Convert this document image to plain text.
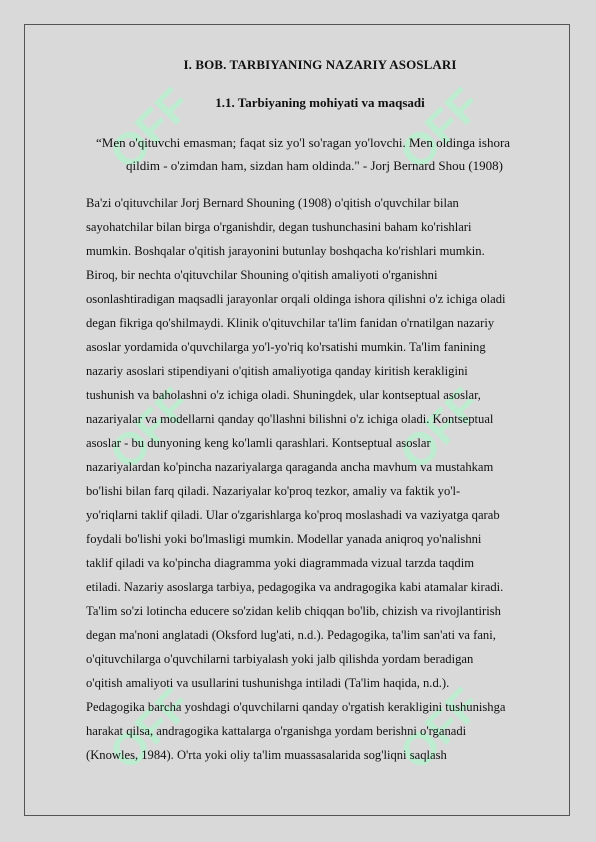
OFF	OFF
OFF	OFF
OFF	OFF
I. BOB. TARBIYANING NAZARIY ASOSLARI
1.1. Tarbiyaning mohiyati va maqsadi
“Men o'qituvchi emasman; faqat siz yo'l so'ragan yo'lovchi. Men oldinga ishora
qildim - o'zimdan ham, sizdan ham oldinda." - Jorj Bernard Shou (1908)
Ba'zi o'qituvchilar Jorj Bernard Shouning (1908) o'qitish o'quvchilar bilan
sayohatchilar bilan birga o'rganishdir, degan tushunchasini baham ko'rishlari
mumkin. Boshqalar o'qitish jarayonini butunlay boshqacha ko'rishlari mumkin.
Biroq, bir nechta o'qituvchilar Shouning o'qitish amaliyoti o'rganishni
osonlashtiradigan maqsadli jarayonlar orqali oldinga ishora qilishni o'z ichiga oladi
degan fikriga qo'shilmaydi. Klinik o'qituvchilar ta'lim fanidan o'rnatilgan nazariy
asoslar yordamida o'quvchilarga yo'l-yo'riq ko'rsatishi mumkin. Ta'lim fanining
nazariy asoslari stipendiyani o'qitish amaliyotiga qanday kiritish kerakligini
tushunish va baholashni o'z ichiga oladi. Shuningdek, ular kontseptual asoslar,
nazariyalar va modellarni qanday qo'llashni bilishni o'z ichiga oladi. Kontseptual
asoslar - bu dunyoning keng ko'lamli qarashlari. Kontseptual asoslar
nazariyalardan ko'pincha nazariyalarga qaraganda ancha mavhum va mustahkam
bo'lishi bilan farq qiladi. Nazariyalar ko'proq tezkor, amaliy va faktik yo'l-
yo'riqlarni taklif qiladi. Ular o'zgarishlarga ko'proq moslashadi va vaziyatga qarab
foydali bo'lishi yoki bo'lmasligi mumkin. Modellar yanada aniqroq yo'nalishni
taklif qiladi va ko'pincha diagramma yoki diagrammada vizual tarzda taqdim
etiladi. Nazariy asoslarga tarbiya, pedagogika va andragogika kabi atamalar kiradi.
Ta'lim so'zi lotincha educere so'zidan kelib chiqqan bo'lib, chizish va rivojlantirish
degan ma'noni anglatadi (Oksford lug'ati, n.d.). Pedagogika, ta'lim san'ati va fani,
o'qituvchilarga o'quvchilarni tarbiyalash yoki jalb qilishda yordam beradigan
o'qitish amaliyoti va usullarini tushunishga intiladi (Ta'lim haqida, n.d.).
Pedagogika barcha yoshdagi o'quvchilarni qanday o'rgatish kerakligini tushunishga
harakat qilsa, andragogika kattalarga o'rganishga yordam berishni o'rganadi
(Knowles, 1984). O'rta yoki oliy ta'lim muassasalarida sog'liqni saqlash
